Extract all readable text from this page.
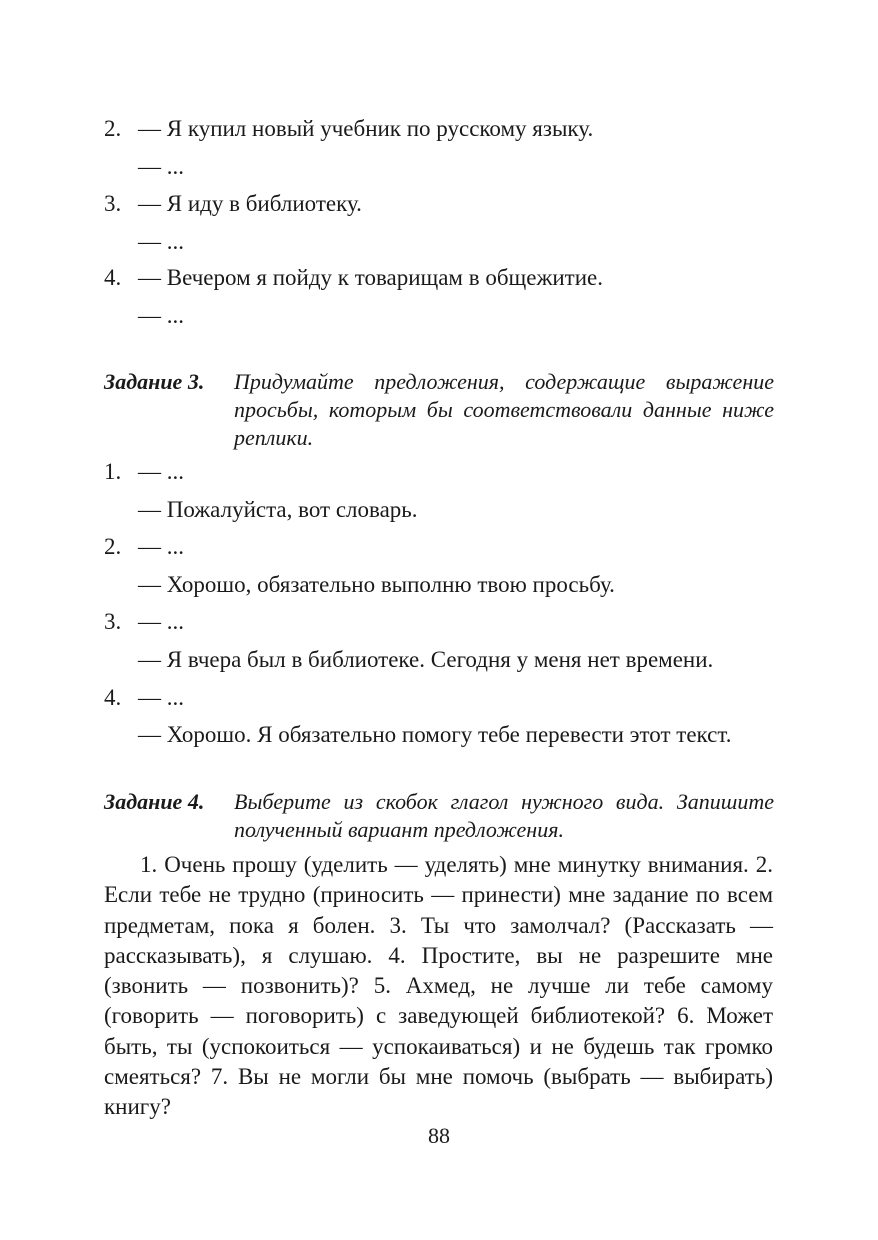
2. — Я купил новый учебник по русскому языку.
— ...
3. — Я иду в библиотеку.
— ...
4. — Вечером я пойду к товарищам в общежитие.
— ...
Задание 3. Придумайте предложения, содержащие выражение просьбы, которым бы соответствовали данные ниже реплики.
1. — ...
— Пожалуйста, вот словарь.
2. — ...
— Хорошо, обязательно выполню твою просьбу.
3. — ...
— Я вчера был в библиотеке. Сегодня у меня нет времени.
4. — ...
— Хорошо. Я обязательно помогу тебе перевести этот текст.
Задание 4. Выберите из скобок глагол нужного вида. Запишите полученный вариант предложения.
1. Очень прошу (уделить — уделять) мне минутку внимания. 2. Если тебе не трудно (приносить — принести) мне задание по всем предметам, пока я болен. 3. Ты что замолчал? (Рассказать — рассказывать), я слушаю. 4. Простите, вы не разрешите мне (звонить — позвонить)? 5. Ахмед, не лучше ли тебе самому (говорить — поговорить) с заведующей библиотекой? 6. Может быть, ты (успокоиться — успокаиваться) и не будешь так громко смеяться? 7. Вы не могли бы мне помочь (выбрать — выбирать) книгу?
88
